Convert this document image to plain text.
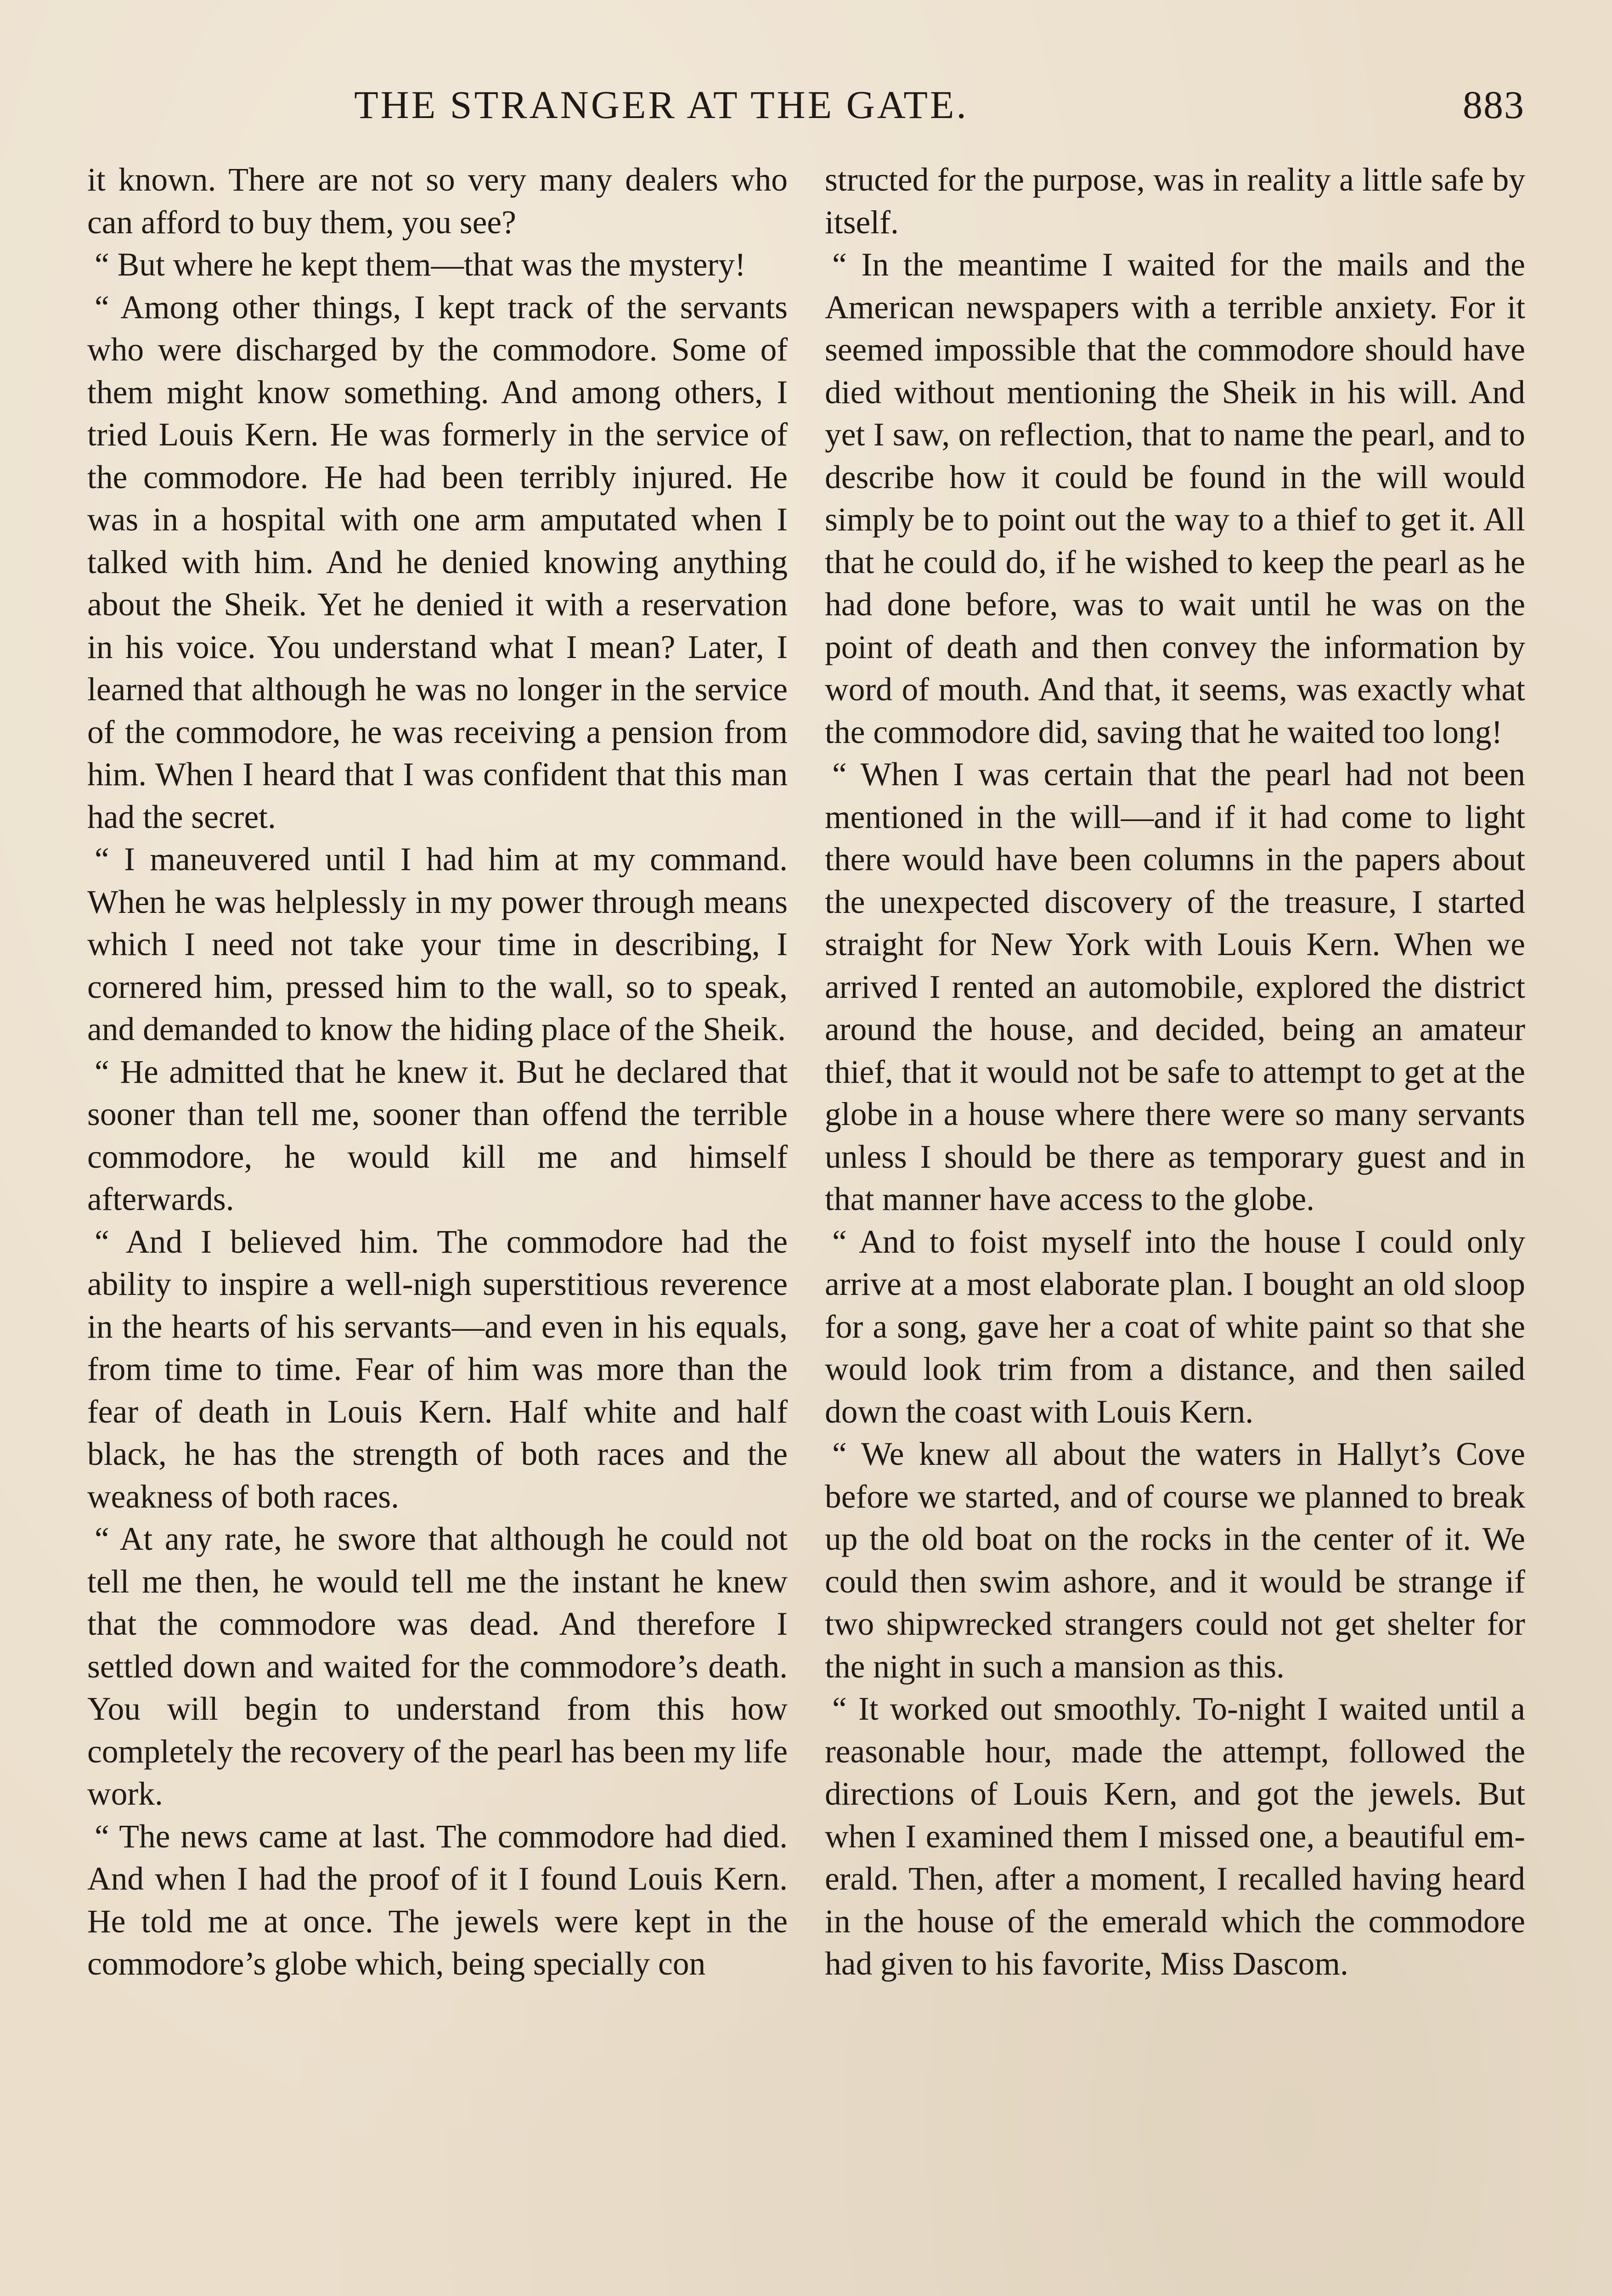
THE STRANGER AT THE GATE.	883

it known. There are not so very many dealers who can afford to buy them, you see?

“ But where he kept them—that was the mystery!

“ Among other things, I kept track of the servants who were discharged by the commodore. Some of them might know something. And among others, I tried Louis Kern. He was formerly in the service of the commodore. He had been terribly injured. He was in a hospital with one arm amputated when I talked with him. And he denied knowing anything about the Sheik. Yet he denied it with a reservation in his voice. You understand what I mean? Later, I learned that although he was no longer in the service of the commodore, he was receiving a pension from him. When I heard that I was confident that this man had the secret.

“ I maneuvered until I had him at my command. When he was helplessly in my power through means which I need not take your time in describing, I cornered him, pressed him to the wall, so to speak, and demanded to know the hiding place of the Sheik.

“ He admitted that he knew it. But he declared that sooner than tell me, sooner than offend the terrible commodore, he would kill me and himself afterwards.

“ And I believed him. The commodore had the ability to inspire a well-nigh superstitious reverence in the hearts of his servants—and even in his equals, from time to time. Fear of him was more than the fear of death in Louis Kern. Half white and half black, he has the strength of both races and the weakness of both races.

“ At any rate, he swore that although he could not tell me then, he would tell me the instant he knew that the commodore was dead. And therefore I settled down and waited for the commodore’s death. You will begin to understand from this how completely the recovery of the pearl has been my life work.

“ The news came at last. The commodore had died. And when I had the proof of it I found Louis Kern. He told me at once. The jewels were kept in the commodore’s globe which, being specially con

structed for the purpose, was in reality a little safe by itself.

“ In the meantime I waited for the mails and the American newspapers with a terrible anxiety. For it seemed impossible that the commodore should have died without mentioning the Sheik in his will. And yet I saw, on reflection, that to name the pearl, and to describe how it could be found in the will would simply be to point out the way to a thief to get it. All that he could do, if he wished to keep the pearl as he had done before, was to wait until he was on the point of death and then convey the information by word of mouth. And that, it seems, was exactly what the commodore did, saving that he waited too long!

“ When I was certain that the pearl had not been mentioned in the will—and if it had come to light there would have been columns in the papers about the unexpected discovery of the treasure, I started straight for New York with Louis Kern. When we arrived I rented an automobile, explored the district around the house, and decided, being an amateur thief, that it would not be safe to attempt to get at the globe in a house where there were so many servants unless I should be there as temporary guest and in that manner have access to the globe.

“ And to foist myself into the house I could only arrive at a most elaborate plan. I bought an old sloop for a song, gave her a coat of white paint so that she would look trim from a distance, and then sailed down the coast with Louis Kern.

“ We knew all about the waters in Hallyt’s Cove before we started, and of course we planned to break up the old boat on the rocks in the center of it. We could then swim ashore, and it would be strange if two shipwrecked strangers could not get shelter for the night in such a mansion as this.

“ It worked out smoothly. To-night I waited until a reasonable hour, made the attempt, followed the directions of Louis Kern, and got the jewels. But when I examined them I missed one, a beautiful emerald. Then, after a moment, I recalled having heard in the house of the emerald which the commodore had given to his favorite, Miss Dascom.
